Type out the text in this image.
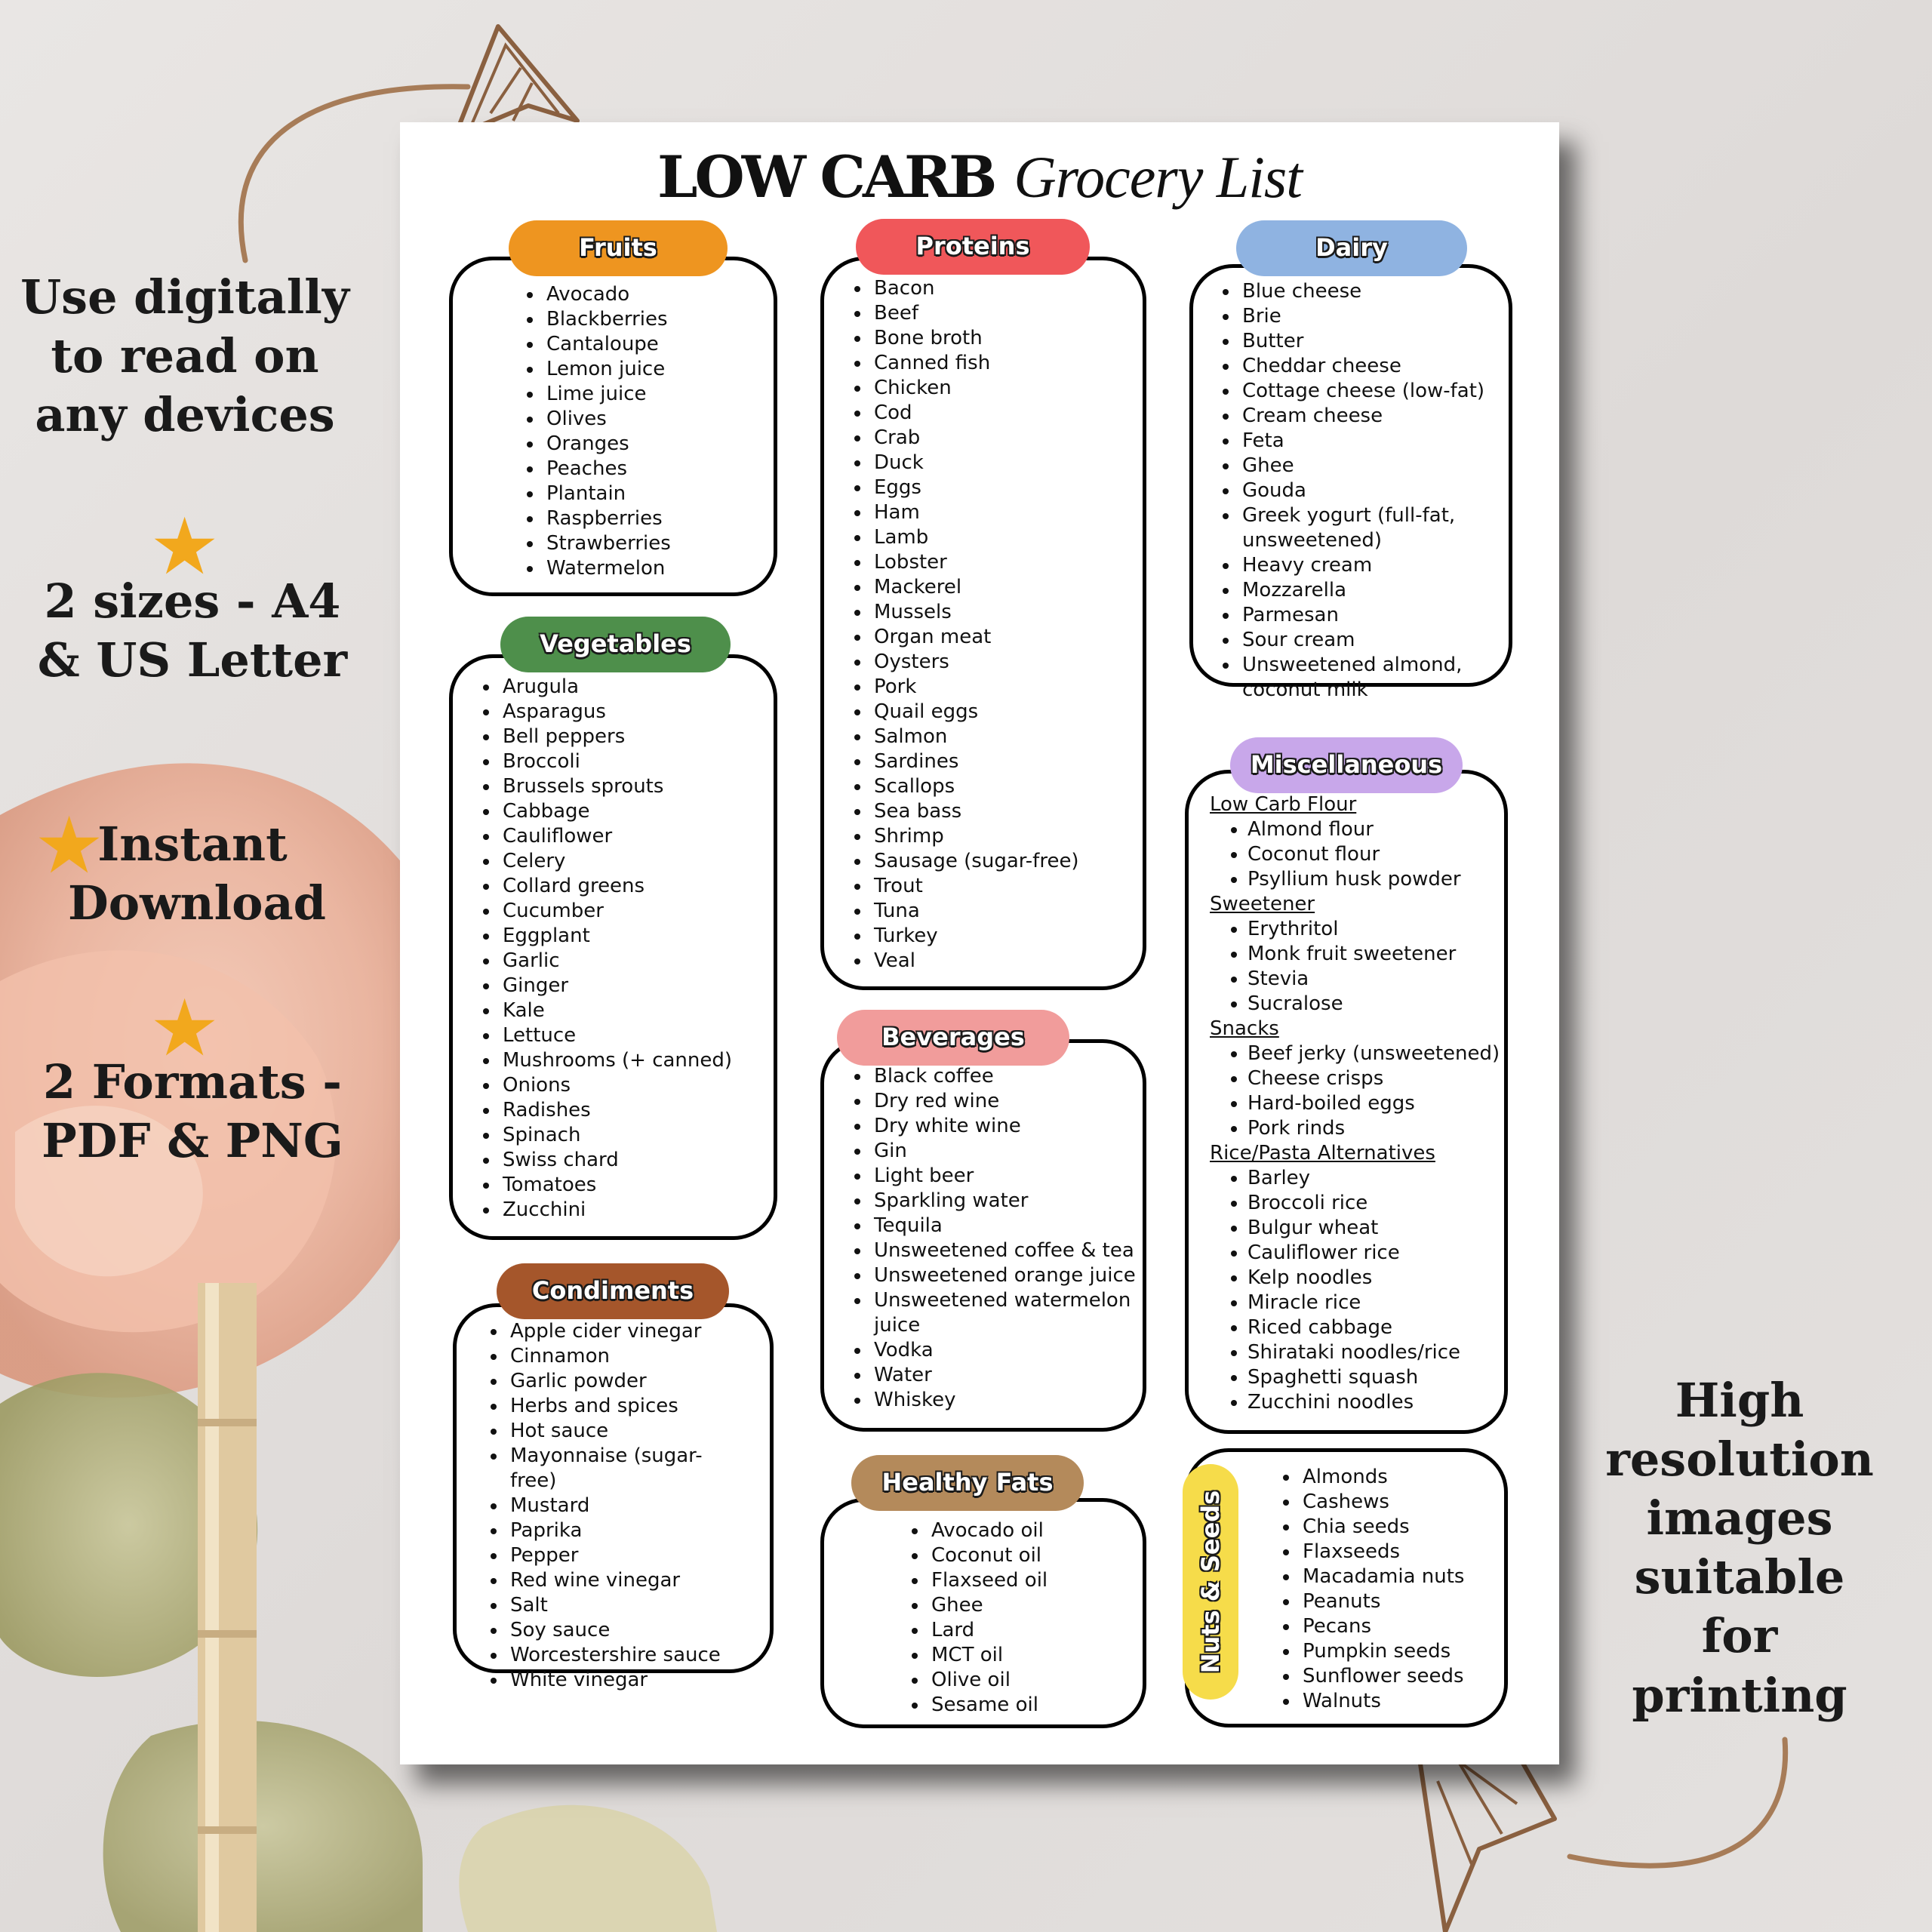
Use digitally to read on any devices
★
2 sizes - A4 & US Letter
★
Instant Download
★
2 Formats - PDF & PNG
High resolution images suitable for printing
LOW CARB Grocery List
Fruits
• Avocado
• Blackberries
• Cantaloupe
• Lemon juice
• Lime juice
• Olives
• Oranges
• Peaches
• Plantain
• Raspberries
• Strawberries
• Watermelon
Vegetables
• Arugula
• Asparagus
• Bell peppers
• Broccoli
• Brussels sprouts
• Cabbage
• Cauliflower
• Celery
• Collard greens
• Cucumber
• Eggplant
• Garlic
• Ginger
• Kale
• Lettuce
• Mushrooms (+ canned)
• Onions
• Radishes
• Spinach
• Swiss chard
• Tomatoes
• Zucchini
Condiments
• Apple cider vinegar
• Cinnamon
• Garlic powder
• Herbs and spices
• Hot sauce
• Mayonnaise (sugar-free)
• Mustard
• Paprika
• Pepper
• Red wine vinegar
• Salt
• Soy sauce
• Worcestershire sauce
• White vinegar
Proteins
• Bacon
• Beef
• Bone broth
• Canned fish
• Chicken
• Cod
• Crab
• Duck
• Eggs
• Ham
• Lamb
• Lobster
• Mackerel
• Mussels
• Organ meat
• Oysters
• Pork
• Quail eggs
• Salmon
• Sardines
• Scallops
• Sea bass
• Shrimp
• Sausage (sugar-free)
• Trout
• Tuna
• Turkey
• Veal
Beverages
• Black coffee
• Dry red wine
• Dry white wine
• Gin
• Light beer
• Sparkling water
• Tequila
• Unsweetened coffee & tea
• Unsweetened orange juice
• Unsweetened watermelon juice
• Vodka
• Water
• Whiskey
Healthy Fats
• Avocado oil
• Coconut oil
• Flaxseed oil
• Ghee
• Lard
• MCT oil
• Olive oil
• Sesame oil
Dairy
• Blue cheese
• Brie
• Butter
• Cheddar cheese
• Cottage cheese (low-fat)
• Cream cheese
• Feta
• Ghee
• Gouda
• Greek yogurt (full-fat, unsweetened)
• Heavy cream
• Mozzarella
• Parmesan
• Sour cream
• Unsweetened almond, coconut milk
Miscellaneous
Low Carb Flour
• Almond flour
• Coconut flour
• Psyllium husk powder
Sweetener
• Erythritol
• Monk fruit sweetener
• Stevia
• Sucralose
Snacks
• Beef jerky (unsweetened)
• Cheese crisps
• Hard-boiled eggs
• Pork rinds
Rice/Pasta Alternatives
• Barley
• Broccoli rice
• Bulgur wheat
• Cauliflower rice
• Kelp noodles
• Miracle rice
• Riced cabbage
• Shirataki noodles/rice
• Spaghetti squash
• Zucchini noodles
Nuts & Seeds
• Almonds
• Cashews
• Chia seeds
• Flaxseeds
• Macadamia nuts
• Peanuts
• Pecans
• Pumpkin seeds
• Sunflower seeds
• Walnuts
